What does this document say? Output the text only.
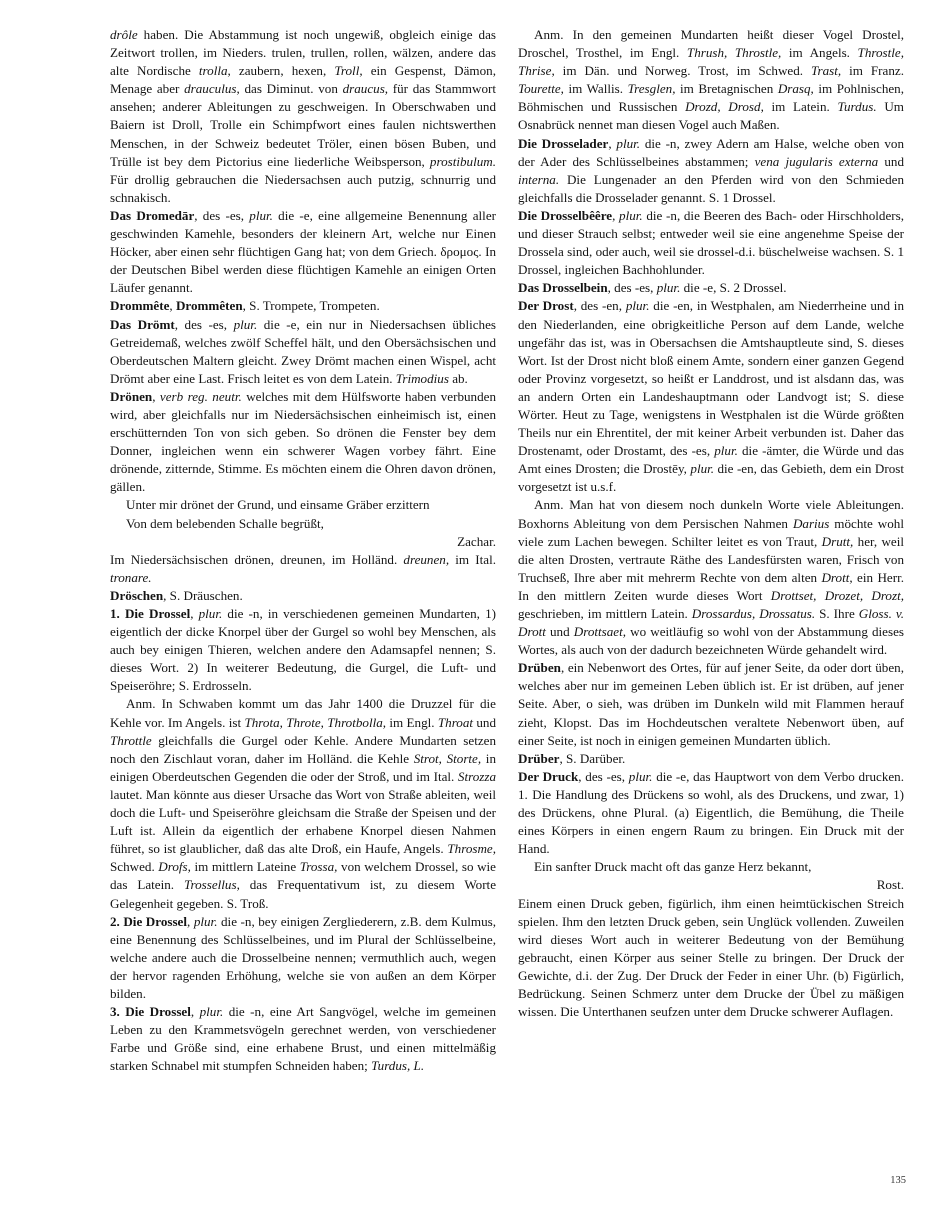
drôle haben. Die Abstammung ist noch ungewiß, obgleich einige das Zeitwort trollen, im Nieders. trulen, trullen, rollen, wälzen, andere das alte Nordische trolla, zaubern, hexen, Troll, ein Gespenst, Dämon, Menage aber drauculus, das Diminut. von draucus, für das Stammwort ansehen; anderer Ableitungen zu geschweigen. In Oberschwaben und Baiern ist Droll, Trolle ein Schimpfwort eines faulen nichtswerthen Menschen, in der Schweiz bedeutet Tröler, einen bösen Buben, und Trülle ist bey dem Pictorius eine liederliche Weibsperson, prostibulum. Für drollig gebrauchen die Niedersachsen auch putzig, schnurrig und schnakisch.

Das Dromedār, des -es, plur. die -e, eine allgemeine Benennung aller geschwinden Kamehle, besonders der kleinern Art, welche nur Einen Höcker, aber einen sehr flüchtigen Gang hat; von dem Griech. δρομος. In der Deutschen Bibel werden diese flüchtigen Kamehle an einigen Orten Läufer genannt.

Drommête, Drommêten, S. Trompete, Trompeten.

Das Drömt, des -es, plur. die -e, ein nur in Niedersachsen übliches Getreidemaß, welches zwölf Scheffel hält, und den Obersächsischen und Oberdeutschen Maltern gleicht. Zwey Drömt machen einen Wispel, acht Drömt aber eine Last. Frisch leitet es von dem Latein. Trimodius ab.

Drönen, verb reg. neutr. welches mit dem Hülfsworte haben verbunden wird, aber gleichfalls nur im Niedersächsischen einheimisch ist, einen erschütternden Ton von sich geben. So drönen die Fenster bey dem Donner, ingleichen wenn ein schwerer Wagen vorbey fährt. Eine drönende, zitternde, Stimme. Es möchten einem die Ohren davon drönen, gällen.

Unter mir drönet der Grund, und einsame Gräber erzittern

Von dem belebenden Schalle begrüßt,

Zachar.

Im Niedersächsischen drönen, dreunen, im Holländ. dreunen, im Ital. tronare.

Dröschen, S. Dräuschen.

1. Die Drossel, plur. die -n, in verschiedenen gemeinen Mundarten, 1) eigentlich der dicke Knorpel über der Gurgel so wohl bey Menschen, als auch bey einigen Thieren, welchen andere den Adamsapfel nennen; S. dieses Wort. 2) In weiterer Bedeutung, die Gurgel, die Luft- und Speiseröhre; S. Erdrosseln.

Anm. In Schwaben kommt um das Jahr 1400 die Druzzel für die Kehle vor. Im Angels. ist Throta, Throte, Throtbolla, im Engl. Throat und Throttle gleichfalls die Gurgel oder Kehle. Andere Mundarten setzen noch den Zischlaut voran, daher im Holländ. die Kehle Strot, Storte, in einigen Oberdeutschen Gegenden die oder der Stroß, und im Ital. Strozza lautet. Man könnte aus dieser Ursache das Wort von Straße ableiten, weil doch die Luft- und Speiseröhre gleichsam die Straße der Speisen und der Luft ist. Allein da eigentlich der erhabene Knorpel diesen Nahmen führet, so ist glaublicher, daß das alte Droß, ein Haufe, Angels. Throsme, Schwed. Drofs, im mittlern Lateine Trossa, von welchem Drossel, so wie das Latein. Trossellus, das Frequentativum ist, zu diesem Worte Gelegenheit gegeben. S. Troß.

2. Die Drossel, plur. die -n, bey einigen Zergliederern, z.B. dem Kulmus, eine Benennung des Schlüsselbeines, und im Plural der Schlüsselbeine, welche andere auch die Drosselbeine nennen; vermuthlich auch, wegen der hervor ragenden Erhöhung, welche sie von außen an dem Körper bilden.

3. Die Drossel, plur. die -n, eine Art Sangvögel, welche im gemeinen Leben zu den Krammetsvögeln gerechnet werden, von verschiedener Farbe und Größe sind, eine erhabene Brust, und einen mittelmäßig starken Schnabel mit stumpfen Schneiden haben; Turdus, L.

Anm. In den gemeinen Mundarten heißt dieser Vogel Drostel, Droschel, Trosthel, im Engl. Thrush, Throstle, im Angels. Throstle, Thrise, im Dän. und Norweg. Trost, im Schwed. Trast, im Franz. Tourette, im Wallis. Tresglen, im Bretagnischen Drasq, im Pohlnischen, Böhmischen und Russischen Drozd, Drosd, im Latein. Turdus. Um Osnabrück nennet man diesen Vogel auch Maßen.

Die Drosselader, plur. die -n, zwey Adern am Halse, welche oben von der Ader des Schlüsselbeines abstammen; vena jugularis externa und interna. Die Lungenader an den Pferden wird von den Schmieden gleichfalls die Drosselader genannt. S. 1 Drossel.

Die Drosselbêêre, plur. die -n, die Beeren des Bach- oder Hirschholders, und dieser Strauch selbst; entweder weil sie eine angenehme Speise der Drossela sind, oder auch, weil sie drossel-d.i. büschelweise wachsen. S. 1 Drossel, ingleichen Bachhohlunder.

Das Drosselbein, des -es, plur. die -e, S. 2 Drossel.

Der Drost, des -en, plur. die -en, in Westphalen, am Niederrheine und in den Niederlanden, eine obrigkeitliche Person auf dem Lande, welche ungefähr das ist, was in Obersachsen die Amtshauptleute sind, S. dieses Wort. Ist der Drost nicht bloß einem Amte, sondern einer ganzen Gegend oder Provinz vorgesetzt, so heißt er Landdrost, und ist alsdann das, was an andern Orten ein Landeshauptmann oder Landvogt ist; S. diese Wörter. Heut zu Tage, wenigstens in Westphalen ist die Würde größten Theils nur ein Ehrentitel, der mit keiner Arbeit verbunden ist. Daher das Drostenamt, oder Drostamt, des -es, plur. die -ämter, die Würde und das Amt eines Drosten; die Drostēy, plur. die -en, das Gebieth, dem ein Drost vorgesetzt ist u.s.f.

Anm. Man hat von diesem noch dunkeln Worte viele Ableitungen. Boxhorns Ableitung von dem Persischen Nahmen Darius möchte wohl viele zum Lachen bewegen. Schilter leitet es von Traut, Drutt, her, weil die alten Drosten, vertraute Räthe des Landesfürsten waren, Frisch von Truchseß, Ihre aber mit mehrerm Rechte von dem alten Drott, ein Herr. In den mittlern Zeiten wurde dieses Wort Drottset, Drozet, Drozt, geschrieben, im mittlern Latein. Drossardus, Drossatus. S. Ihre Gloss. v. Drott und Drottsaet, wo weitläufig so wohl von der Abstammung dieses Wortes, als auch von der dadurch bezeichneten Würde gehandelt wird.

Drüben, ein Nebenwort des Ortes, für auf jener Seite, da oder dort üben, welches aber nur im gemeinen Leben üblich ist. Er ist drüben, auf jener Seite. Aber, o sieh, was drüben im Dunkeln wild mit Flammen herauf zieht, Klopst. Das im Hochdeutschen veraltete Nebenwort üben, auf einer Seite, ist noch in einigen gemeinen Mundarten üblich.

Drüber, S. Darüber.

Der Druck, des -es, plur. die -e, das Hauptwort von dem Verbo drucken. 1. Die Handlung des Drückens so wohl, als des Druckens, und zwar, 1) des Drückens, ohne Plural. (a) Eigentlich, die Bemühung, die Theile eines Körpers in einen engern Raum zu bringen. Ein Druck mit der Hand.

Ein sanfter Druck macht oft das ganze Herz bekannt,

Rost.

Einem einen Druck geben, figürlich, ihm einen heimtückischen Streich spielen. Ihm den letzten Druck geben, sein Unglück vollenden. Zuweilen wird dieses Wort auch in weiterer Bedeutung von der Bemühung gebraucht, einen Körper aus seiner Stelle zu bringen. Der Druck der Gewichte, d.i. der Zug. Der Druck der Feder in einer Uhr. (b) Figürlich, Bedrückung. Seinen Schmerz unter dem Drucke der Übel zu mäßigen wissen. Die Unterthanen seufzen unter dem Drucke schwerer Auflagen.

135
